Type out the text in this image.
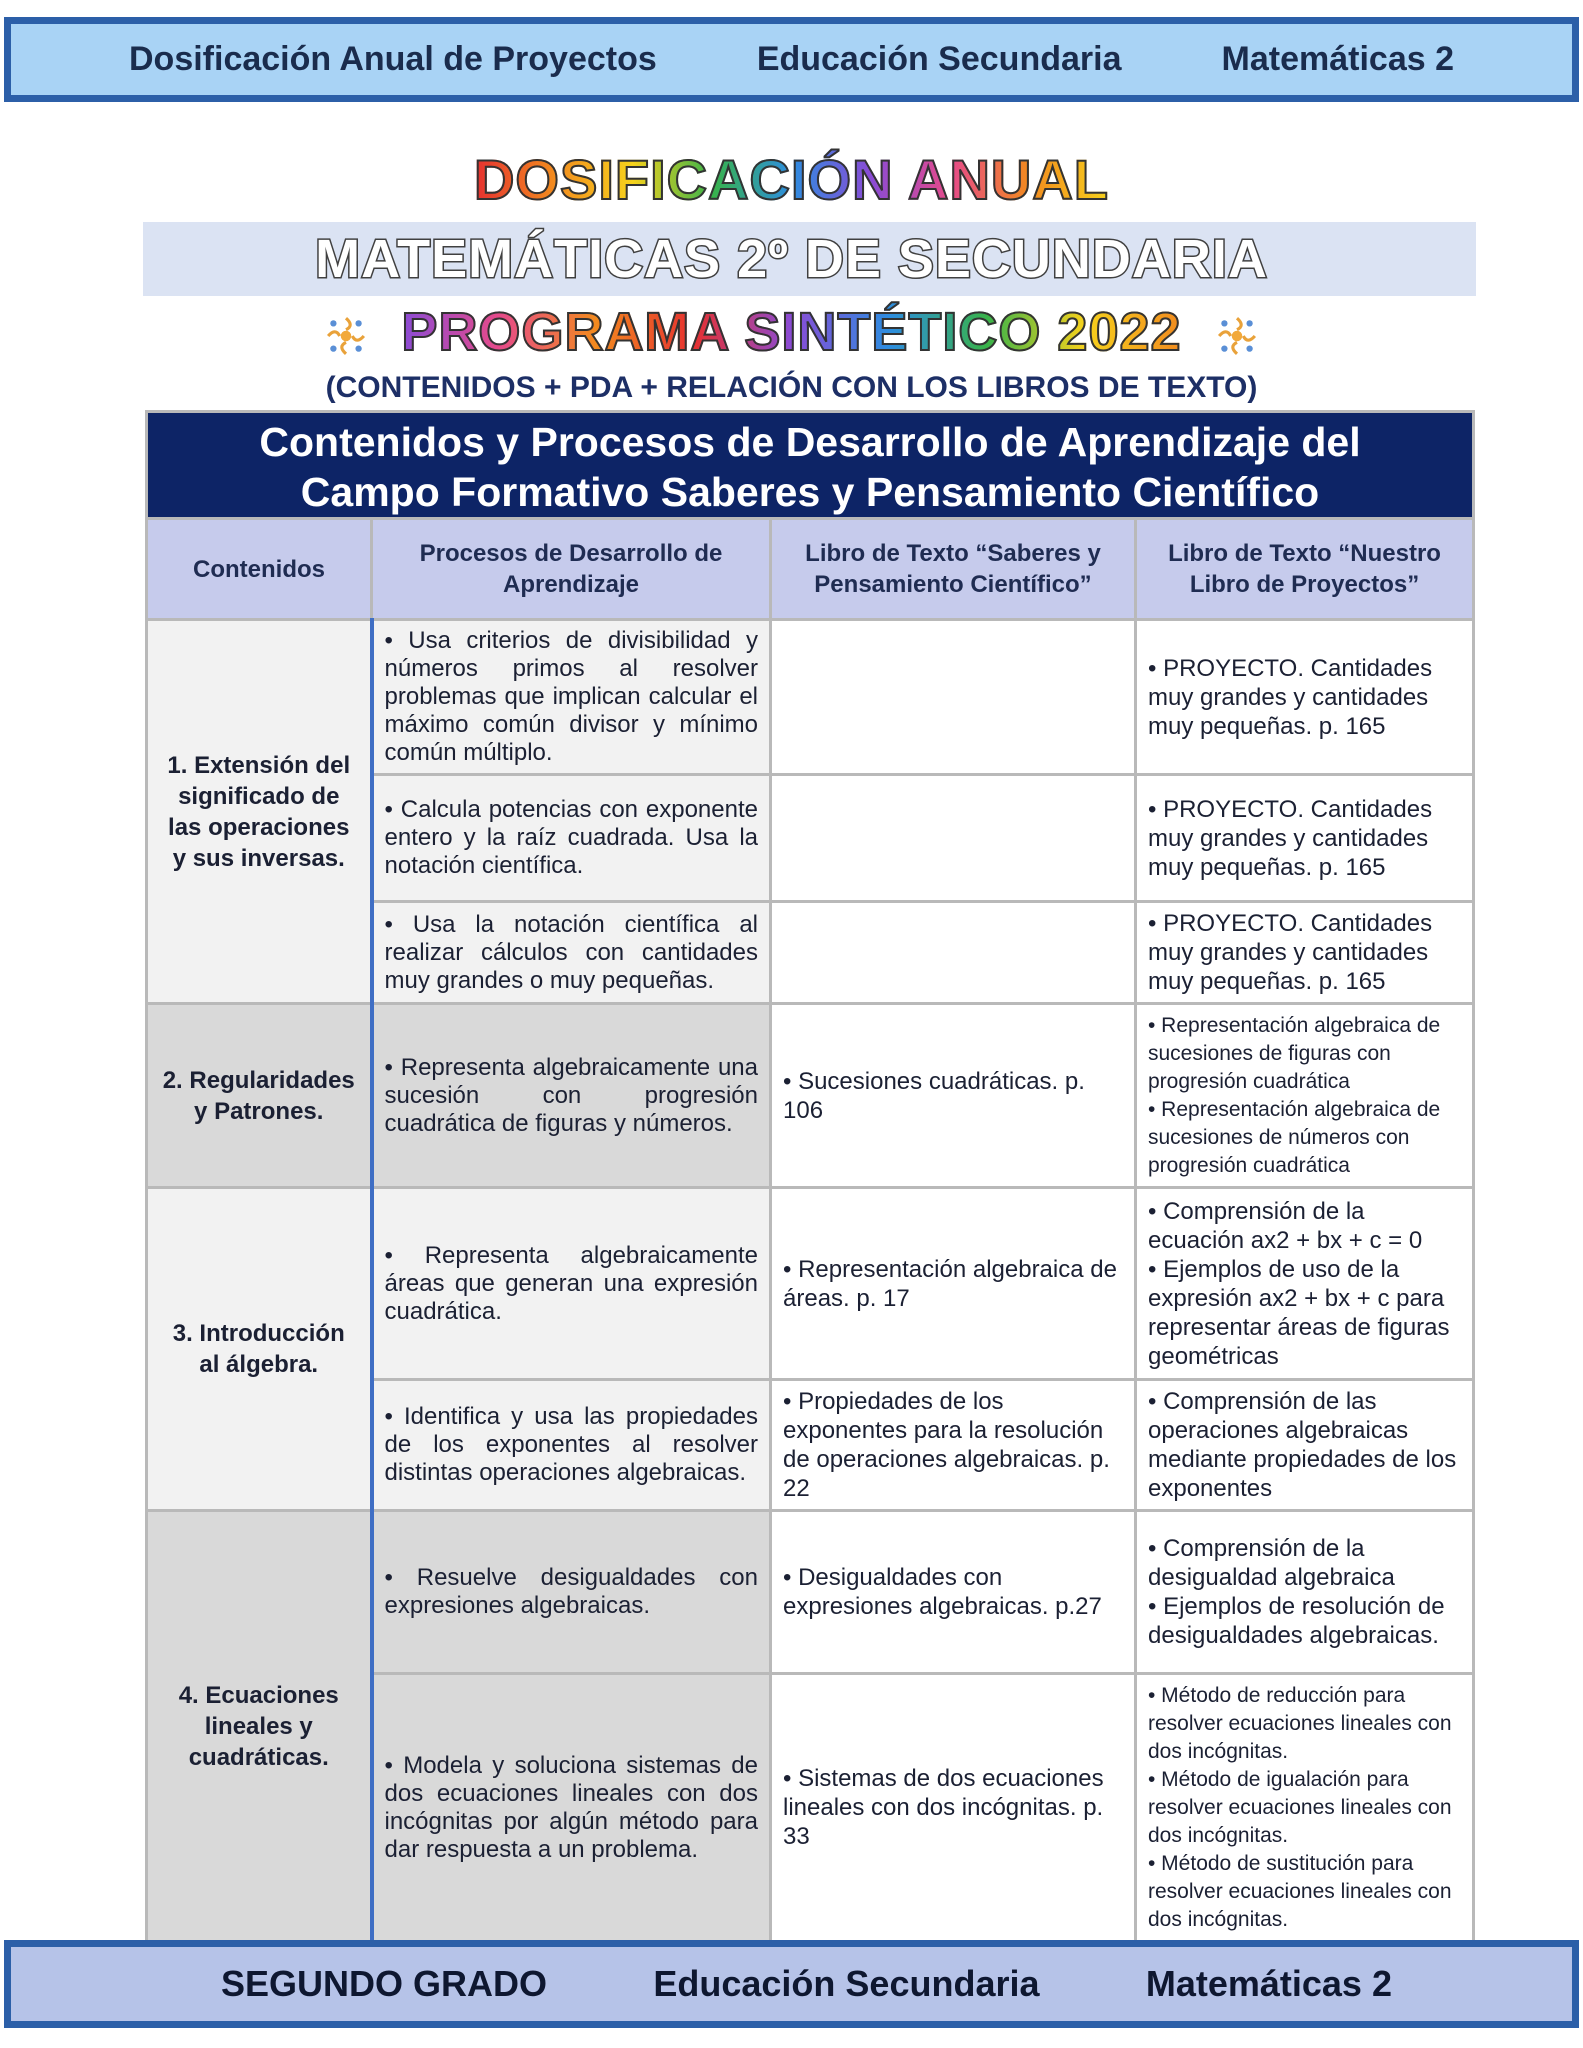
Dosificación Anual de Proyectos	Educación Secundaria	Matemáticas 2
DOSIFICACIÓN ANUAL
MATEMÁTICAS 2º DE SECUNDARIA
PROGRAMA SINTÉTICO 2022
(CONTENIDOS + PDA + RELACIÓN CON LOS LIBROS DE TEXTO)
Contenidos y Procesos de Desarrollo de Aprendizaje del
Campo Formativo Saberes y Pensamiento Científico			

Contenidos	Procesos de Desarrollo de Aprendizaje	Libro de Texto “Saberes y Pensamiento Científico”	Libro de Texto “Nuestro Libro de Proyectos”
1. Extensión del significado de las operaciones y sus inversas.	• Usa criterios de divisibilidad y números primos al resolver problemas que implican calcular el máximo común divisor y mínimo común múltiplo.		• PROYECTO. Cantidades muy grandes y cantidades muy pequeñas. p. 165
	• Calcula potencias con exponente entero y la raíz cuadrada. Usa la notación científica.		• PROYECTO. Cantidades muy grandes y cantidades muy pequeñas. p. 165
	• Usa la notación científica al realizar cálculos con cantidades muy grandes o muy pequeñas.		• PROYECTO. Cantidades muy grandes y cantidades muy pequeñas. p. 165
2. Regularidades y Patrones.	• Representa algebraicamente una sucesión con progresión cuadrática de figuras y números.	• Sucesiones cuadráticas. p. 106	• Representación algebraica de sucesiones de figuras con progresión cuadrática
• Representación algebraica de sucesiones de números con progresión cuadrática

3. Introducción al álgebra.	• Representa algebraicamente áreas que generan una expresión cuadrática.	• Representación algebraica de áreas. p. 17	• Comprensión de la ecuación ax2 + bx + c = 0
• Ejemplos de uso de la expresión ax2 + bx + c para representar áreas de figuras geométricas

	• Identifica y usa las propiedades de los exponentes al resolver distintas operaciones algebraicas.	• Propiedades de los exponentes para la resolución de operaciones algebraicas. p. 22	• Comprensión de las operaciones algebraicas mediante propiedades de los exponentes
4. Ecuaciones lineales y cuadráticas.	• Resuelve desigualdades con expresiones algebraicas.	• Desigualdades con expresiones algebraicas. p.27	• Comprensión de la desigualdad algebraica
• Ejemplos de resolución de desigualdades algebraicas.

	• Modela y soluciona sistemas de dos ecuaciones lineales con dos incógnitas por algún método para dar respuesta a un problema.	• Sistemas de dos ecuaciones lineales con dos incógnitas. p. 33	• Método de reducción para resolver ecuaciones lineales con dos incógnitas.
• Método de igualación para resolver ecuaciones lineales con dos incógnitas.
• Método de sustitución para resolver ecuaciones lineales con dos incógnitas.
SEGUNDO GRADO	Educación Secundaria	Matemáticas 2
